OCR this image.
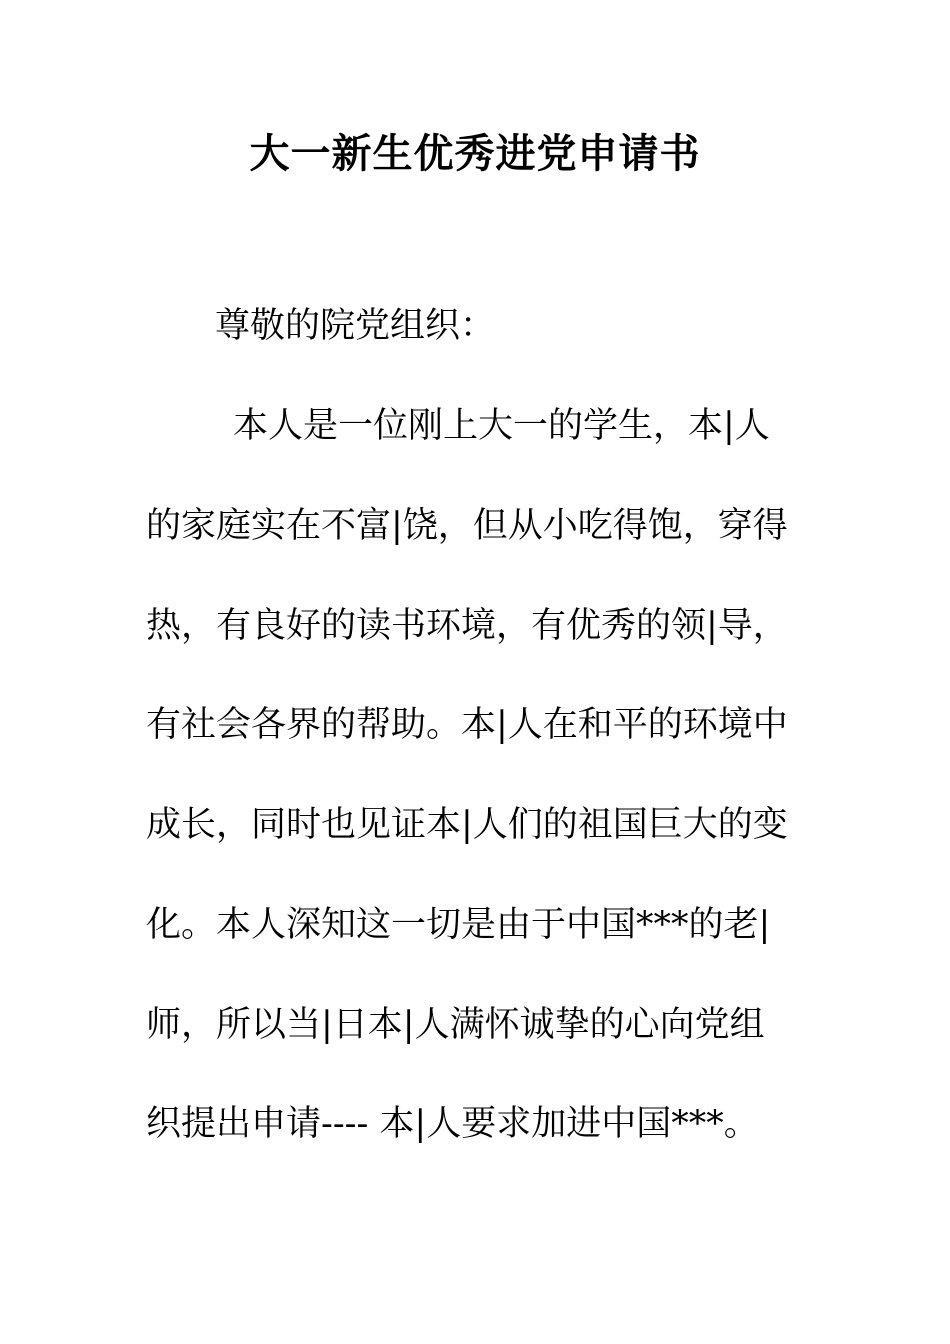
大一新生优秀进党申请书
尊敬的院党组织：
本人是一位刚上大一的学生，本|人
的家庭实在不富|饶，但从小吃得饱，穿得
热，有良好的读书环境，有优秀的领|导，
有社会各界的帮助。本|人在和平的环境中
成长，同时也见证本|人们的祖国巨大的变
化。本人深知这一切是由于中国***的老|
师，所以当|日本|人满怀诚挚的心向党组
织提出申请---- 本|人要求加进中国***。
